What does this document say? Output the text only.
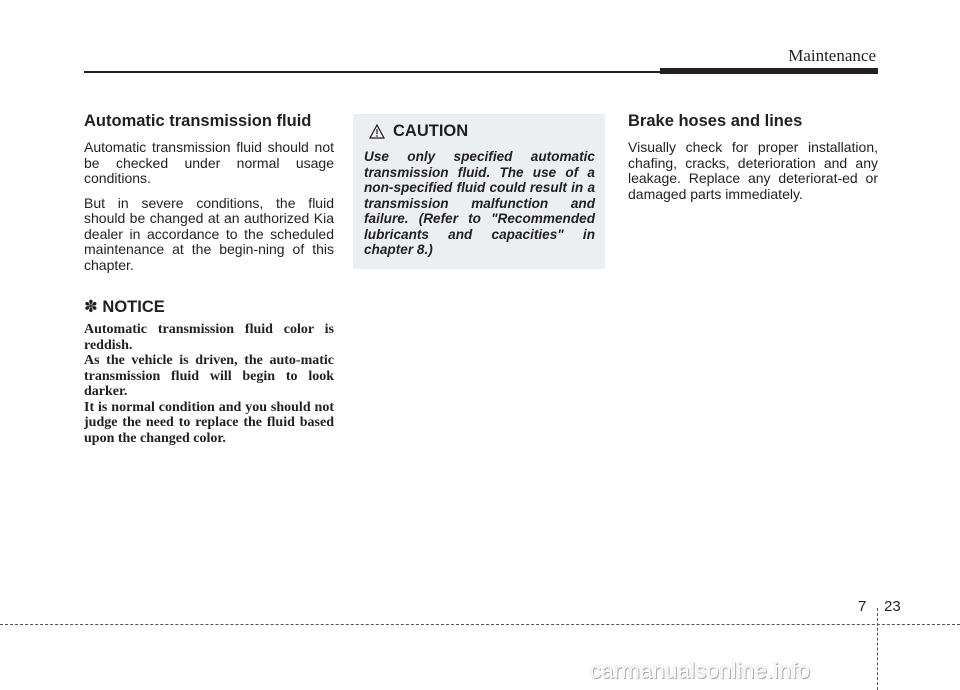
Maintenance
Automatic transmission fluid

Automatic transmission fluid should not be checked under normal usage conditions.

But in severe conditions, the fluid should be changed at an authorized Kia dealer in accordance to the scheduled maintenance at the begin-ning of this chapter.

✽ NOTICE
Automatic transmission fluid color is reddish.
As the vehicle is driven, the auto-matic transmission fluid will begin to look darker.
It is normal condition and you should not judge the need to replace the fluid based upon the changed color.
CAUTION
Use only specified automatic transmission fluid. The use of a non-specified fluid could result in a transmission malfunction and failure. (Refer to "Recommended lubricants and capacities" in chapter 8.)
Brake hoses and lines

Visually check for proper installation, chafing, cracks, deterioration and any leakage. Replace any deteriorat-ed or damaged parts immediately.

7 23
carmanualsonline.info
